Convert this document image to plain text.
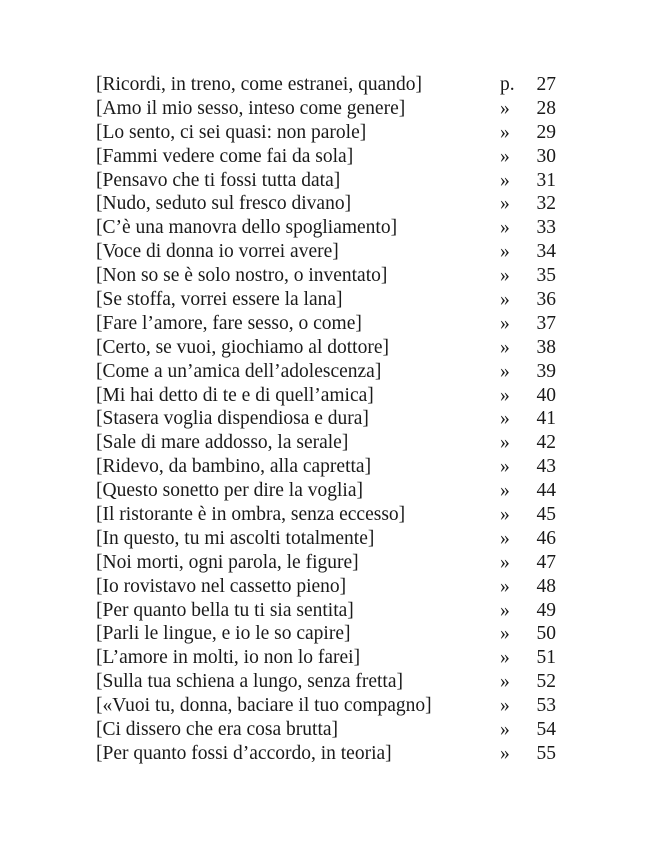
[Ricordi, in treno, come estranei, quando]	p.	27
[Amo il mio sesso, inteso come genere]	»	28
[Lo sento, ci sei quasi: non parole]	»	29
[Fammi vedere come fai da sola]	»	30
[Pensavo che ti fossi tutta data]	»	31
[Nudo, seduto sul fresco divano]	»	32
[C’è una manovra dello spogliamento]	»	33
[Voce di donna io vorrei avere]	»	34
[Non so se è solo nostro, o inventato]	»	35
[Se stoffa, vorrei essere la lana]	»	36
[Fare l’amore, fare sesso, o come]	»	37
[Certo, se vuoi, giochiamo al dottore]	»	38
[Come a un’amica dell’adolescenza]	»	39
[Mi hai detto di te e di quell’amica]	»	40
[Stasera voglia dispendiosa e dura]	»	41
[Sale di mare addosso, la serale]	»	42
[Ridevo, da bambino, alla capretta]	»	43
[Questo sonetto per dire la voglia]	»	44
[Il ristorante è in ombra, senza eccesso]	»	45
[In questo, tu mi ascolti totalmente]	»	46
[Noi morti, ogni parola, le figure]	»	47
[Io rovistavo nel cassetto pieno]	»	48
[Per quanto bella tu ti sia sentita]	»	49
[Parli le lingue, e io le so capire]	»	50
[L’amore in molti, io non lo farei]	»	51
[Sulla tua schiena a lungo, senza fretta]	»	52
[«Vuoi tu, donna, baciare il tuo compagno]	»	53
[Ci dissero che era cosa brutta]	»	54
[Per quanto fossi d’accordo, in teoria]	»	55
